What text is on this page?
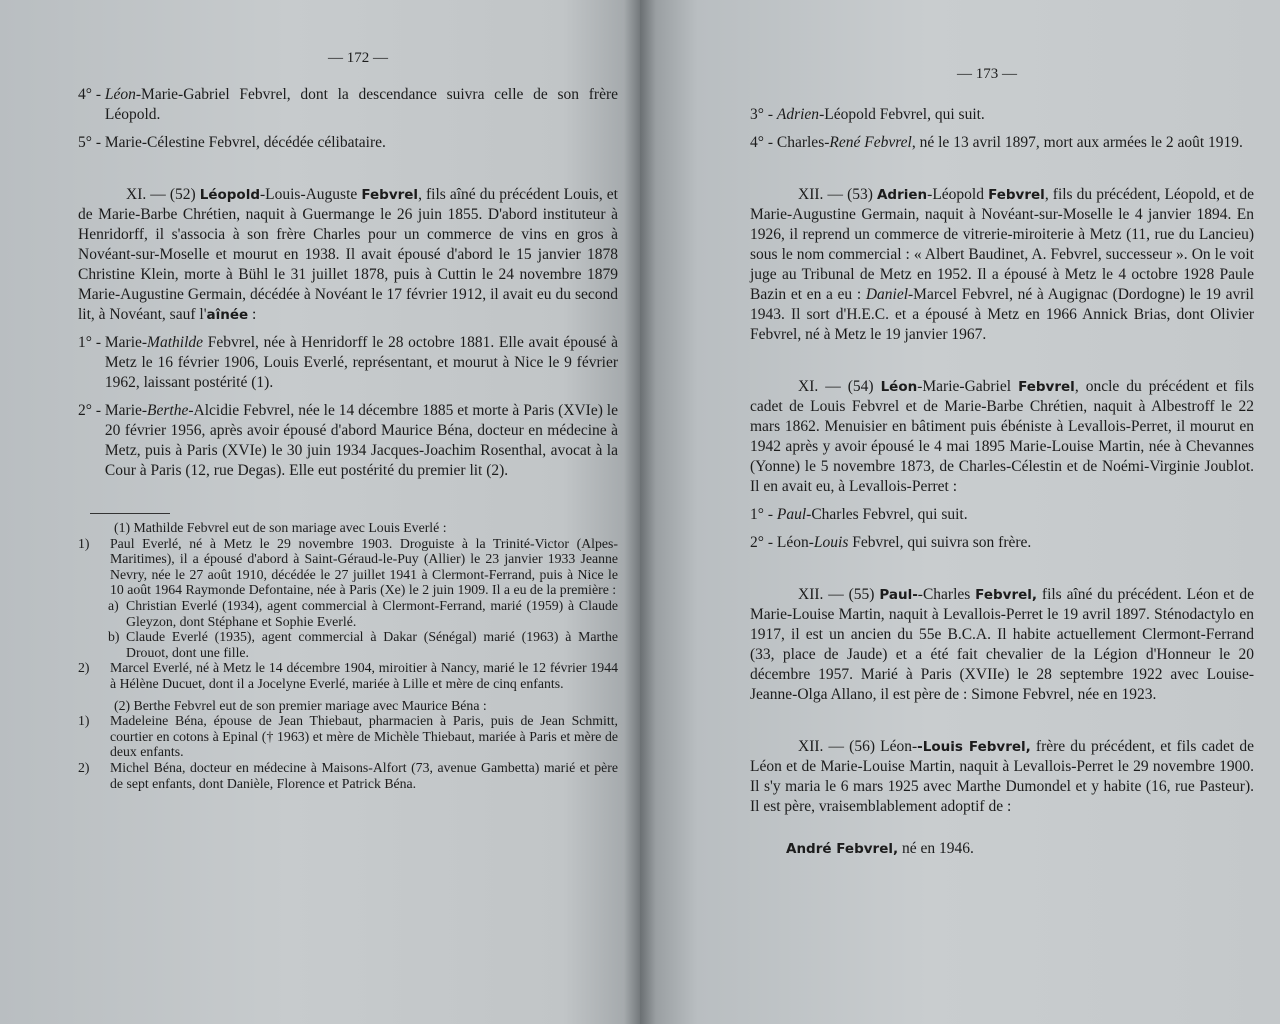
— 172 —
4° - Léon-Marie-Gabriel Febvrel, dont la descendance suivra celle de son frère Léopold.
5° - Marie-Célestine Febvrel, décédée célibataire.

XI. — (52) Léopold-Louis-Auguste Febvrel, fils aîné du précédent Louis, et de Marie-Barbe Chrétien, naquit à Guermange le 26 juin 1855. D'abord instituteur à Henridorff, il s'associa à son frère Charles pour un commerce de vins en gros à Novéant-sur-Moselle et mourut en 1938. Il avait épousé d'abord le 15 janvier 1878 Christine Klein, morte à Bühl le 31 juillet 1878, puis à Cuttin le 24 novembre 1879 Marie-Augustine Germain, décédée à Novéant le 17 février 1912, il avait eu du second lit, à Novéant, sauf l'aînée :

1° - Marie-Mathilde Febvrel, née à Henridorff le 28 octobre 1881. Elle avait épousé à Metz le 16 février 1906, Louis Everlé, représentant, et mourut à Nice le 9 février 1962, laissant postérité (1).
2° - Marie-Berthe-Alcidie Febvrel, née le 14 décembre 1885 et morte à Paris (XVIe) le 20 février 1956, après avoir épousé d'abord Maurice Béna, docteur en médecine à Metz, puis à Paris (XVIe) le 30 juin 1934 Jacques-Joachim Rosenthal, avocat à la Cour à Paris (12, rue Degas). Elle eut postérité du premier lit (2).

(1) Mathilde Febvrel eut de son mariage avec Louis Everlé :

1)	Paul Everlé, né à Metz le 29 novembre 1903. Droguiste à la Trinité-Victor (Alpes-Maritimes), il a épousé d'abord à Saint-Géraud-le-Puy (Allier) le 23 janvier 1933 Jeanne Nevry, née le 27 août 1910, décédée le 27 juillet 1941 à Clermont-Ferrand, puis à Nice le 10 août 1964 Raymonde Defontaine, née à Paris (Xe) le 2 juin 1909. Il a eu de la première :
a) Christian Everlé (1934), agent commercial à Clermont-Ferrand, marié (1959) à Claude Gleyzon, dont Stéphane et Sophie Everlé.
b) Claude Everlé (1935), agent commercial à Dakar (Sénégal) marié (1963) à Marthe Drouot, dont une fille.
2)	Marcel Everlé, né à Metz le 14 décembre 1904, miroitier à Nancy, marié le 12 février 1944 à Hélène Ducuet, dont il a Jocelyne Everlé, mariée à Lille et mère de cinq enfants.

(2) Berthe Febvrel eut de son premier mariage avec Maurice Béna :

1)	Madeleine Béna, épouse de Jean Thiebaut, pharmacien à Paris, puis de Jean Schmitt, courtier en cotons à Epinal († 1963) et mère de Michèle Thiebaut, mariée à Paris et mère de deux enfants.
2)	Michel Béna, docteur en médecine à Maisons-Alfort (73, avenue Gambetta) marié et père de sept enfants, dont Danièle, Florence et Patrick Béna.
— 173 —
3° - Adrien-Léopold Febvrel, qui suit.
4° - Charles-René Febvrel, né le 13 avril 1897, mort aux armées le 2 août 1919.

XII. — (53) Adrien-Léopold Febvrel, fils du précédent, Léopold, et de Marie-Augustine Germain, naquit à Novéant-sur-Moselle le 4 janvier 1894. En 1926, il reprend un commerce de vitrerie-miroiterie à Metz (11, rue du Lancieu) sous le nom commercial : « Albert Baudinet, A. Febvrel, successeur ». On le voit juge au Tribunal de Metz en 1952. Il a épousé à Metz le 4 octobre 1928 Paule Bazin et en a eu : Daniel-Marcel Febvrel, né à Augignac (Dordogne) le 19 avril 1943. Il sort d'H.E.C. et a épousé à Metz en 1966 Annick Brias, dont Olivier Febvrel, né à Metz le 19 janvier 1967.

XI. — (54) Léon-Marie-Gabriel Febvrel, oncle du précédent et fils cadet de Louis Febvrel et de Marie-Barbe Chrétien, naquit à Albestroff le 22 mars 1862. Menuisier en bâtiment puis ébéniste à Levallois-Perret, il mourut en 1942 après y avoir épousé le 4 mai 1895 Marie-Louise Martin, née à Chevannes (Yonne) le 5 novembre 1873, de Charles-Célestin et de Noémi-Virginie Joublot. Il en avait eu, à Levallois-Perret :

1° - Paul-Charles Febvrel, qui suit.
2° - Léon-Louis Febvrel, qui suivra son frère.

XII. — (55) Paul--Charles Febvrel, fils aîné du précédent. Léon et de Marie-Louise Martin, naquit à Levallois-Perret le 19 avril 1897. Sténodactylo en 1917, il est un ancien du 55e B.C.A. Il habite actuellement Clermont-Ferrand (33, place de Jaude) et a été fait chevalier de la Légion d'Honneur le 20 décembre 1957. Marié à Paris (XVIIe) le 28 septembre 1922 avec Louise-Jeanne-Olga Allano, il est père de : Simone Febvrel, née en 1923.

XII. — (56) Léon--Louis Febvrel, frère du précédent, et fils cadet de Léon et de Marie-Louise Martin, naquit à Levallois-Perret le 29 novembre 1900. Il s'y maria le 6 mars 1925 avec Marthe Dumondel et y habite (16, rue Pasteur). Il est père, vraisemblablement adoptif de :

André Febvrel, né en 1946.
